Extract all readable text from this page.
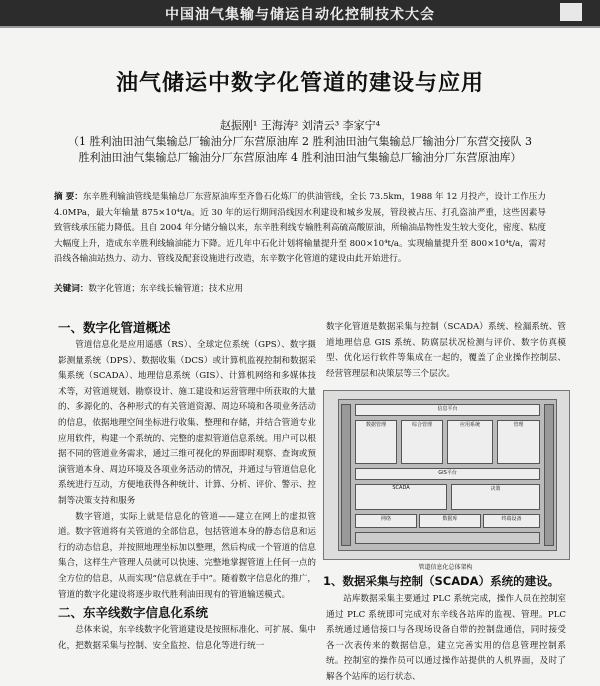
中国油气集输与储运自动化控制技术大会
油气储运中数字化管道的建设与应用
赵振刚¹ 王海涛² 刘清云³ 李家宁⁴
（1 胜利油田油气集输总厂输油分厂东营原油库 2 胜利油田油气集输总厂输油分厂东营交接队 3
胜利油田油气集输总厂输油分厂东营原油库 4 胜利油田油气集输总厂输油分厂东营原油库）
摘 要：东辛胜利输油管线是集输总厂东营原油库至齐鲁石化炼厂的供油管线，全长 73.5km，1988 年 12 月投产，设计工作压力 4.0MPa，最大年输量 875×10⁴t/a。近 30 年的运行期间沿线因水利建设和城乡发展，管段被占压、打孔盗油严重，这些因素导致管线承压能力降低。且自 2004 年分储分输以来，东辛胜利线专输胜利高硫高酸原油，所输油品物性发生较大变化，密度、粘度大幅度上升，造成东辛胜利线输油能力下降。近几年中石化计划将输量提升至 800×10⁴t/a。实现输量提升至 800×10⁴t/a，需对沿线各输油站热力、动力、管线及配套设施进行改造，东辛数字化管道的建设由此开始进行。
关键词：数字化管道；东辛线长输管道；技术应用

一、数字化管道概述

管道信息化是应用遥感（RS）、全球定位系统（GPS）、数字摄影测量系统（DPS）、数据收集（DCS）或计算机监视控制和数据采集系统（SCADA）、地理信息系统（GIS）、计算机网络和多媒体技术等，对管道规划、勘察设计、施工建设和运营管理中所获取的大量的、多源化的、各种形式的有关管道资源、周边环境和各项业务活动的信息，依据地理空间坐标进行收集、整理和存储，并结合管道专业应用软件，构建一个系统的、完整的虚拟管道信息系统。用户可以根据不同的管道业务需求，通过三维可视化的界面即时观察、查询或预演管道本身、周边环境及各项业务活动的情况，并通过与管道信息化系统进行互动，方便地获得各种统计、计算、分析、评价、警示、控制等决策支持和服务

数字管道，实际上就是信息化的管道——建立在网上的虚拟管道。数字管道将有关管道的全部信息，包括管道本身的静态信息和运行的动态信息，并按照地理坐标加以整理，然后构成一个管道的信息集合，这样生产管理人员就可以快速、完整地掌握管道上任何一点的全方位的信息，从而实现“信息就在手中”。随着数字信息化的推广，管道的数字化建设将逐步取代胜利油田现有的管道输送模式。

二、东辛线数字信息化系统

总体来说，东辛线数字化管道建设是按照标准化、可扩展、集中化，把数据采集与控制、安全监控、信息化等进行统一

数字化管道是数据采集与控制（SCADA）系统、检漏系统、管道地理信息 GIS 系统、防腐层状况检测与评价、数字仿真模型、优化运行软件等集成在一起的，覆盖了企业操作控制层、经营管理层和决策层等三个层次。

信息平台
数据管理	综合管理	应用系统	管理
GIS平台
SCADA	决策
网络	数据库	终端设备
管道信息化总体架构
1、数据采集与控制（SCADA）系统的建设。

站库数据采集主要通过 PLC 系统完成，操作人员在控制室通过 PLC 系统即可完成对东辛线各站库的监视、管理。PLC 系统通过通信接口与各现场设备自带的控制盘通信，同时接受各一次表传来的数据信息，建立完善实用的信息管理控制系统。控制室的操作员可以通过操作站提供的人机界面，及时了解各个站库的运行状态、
